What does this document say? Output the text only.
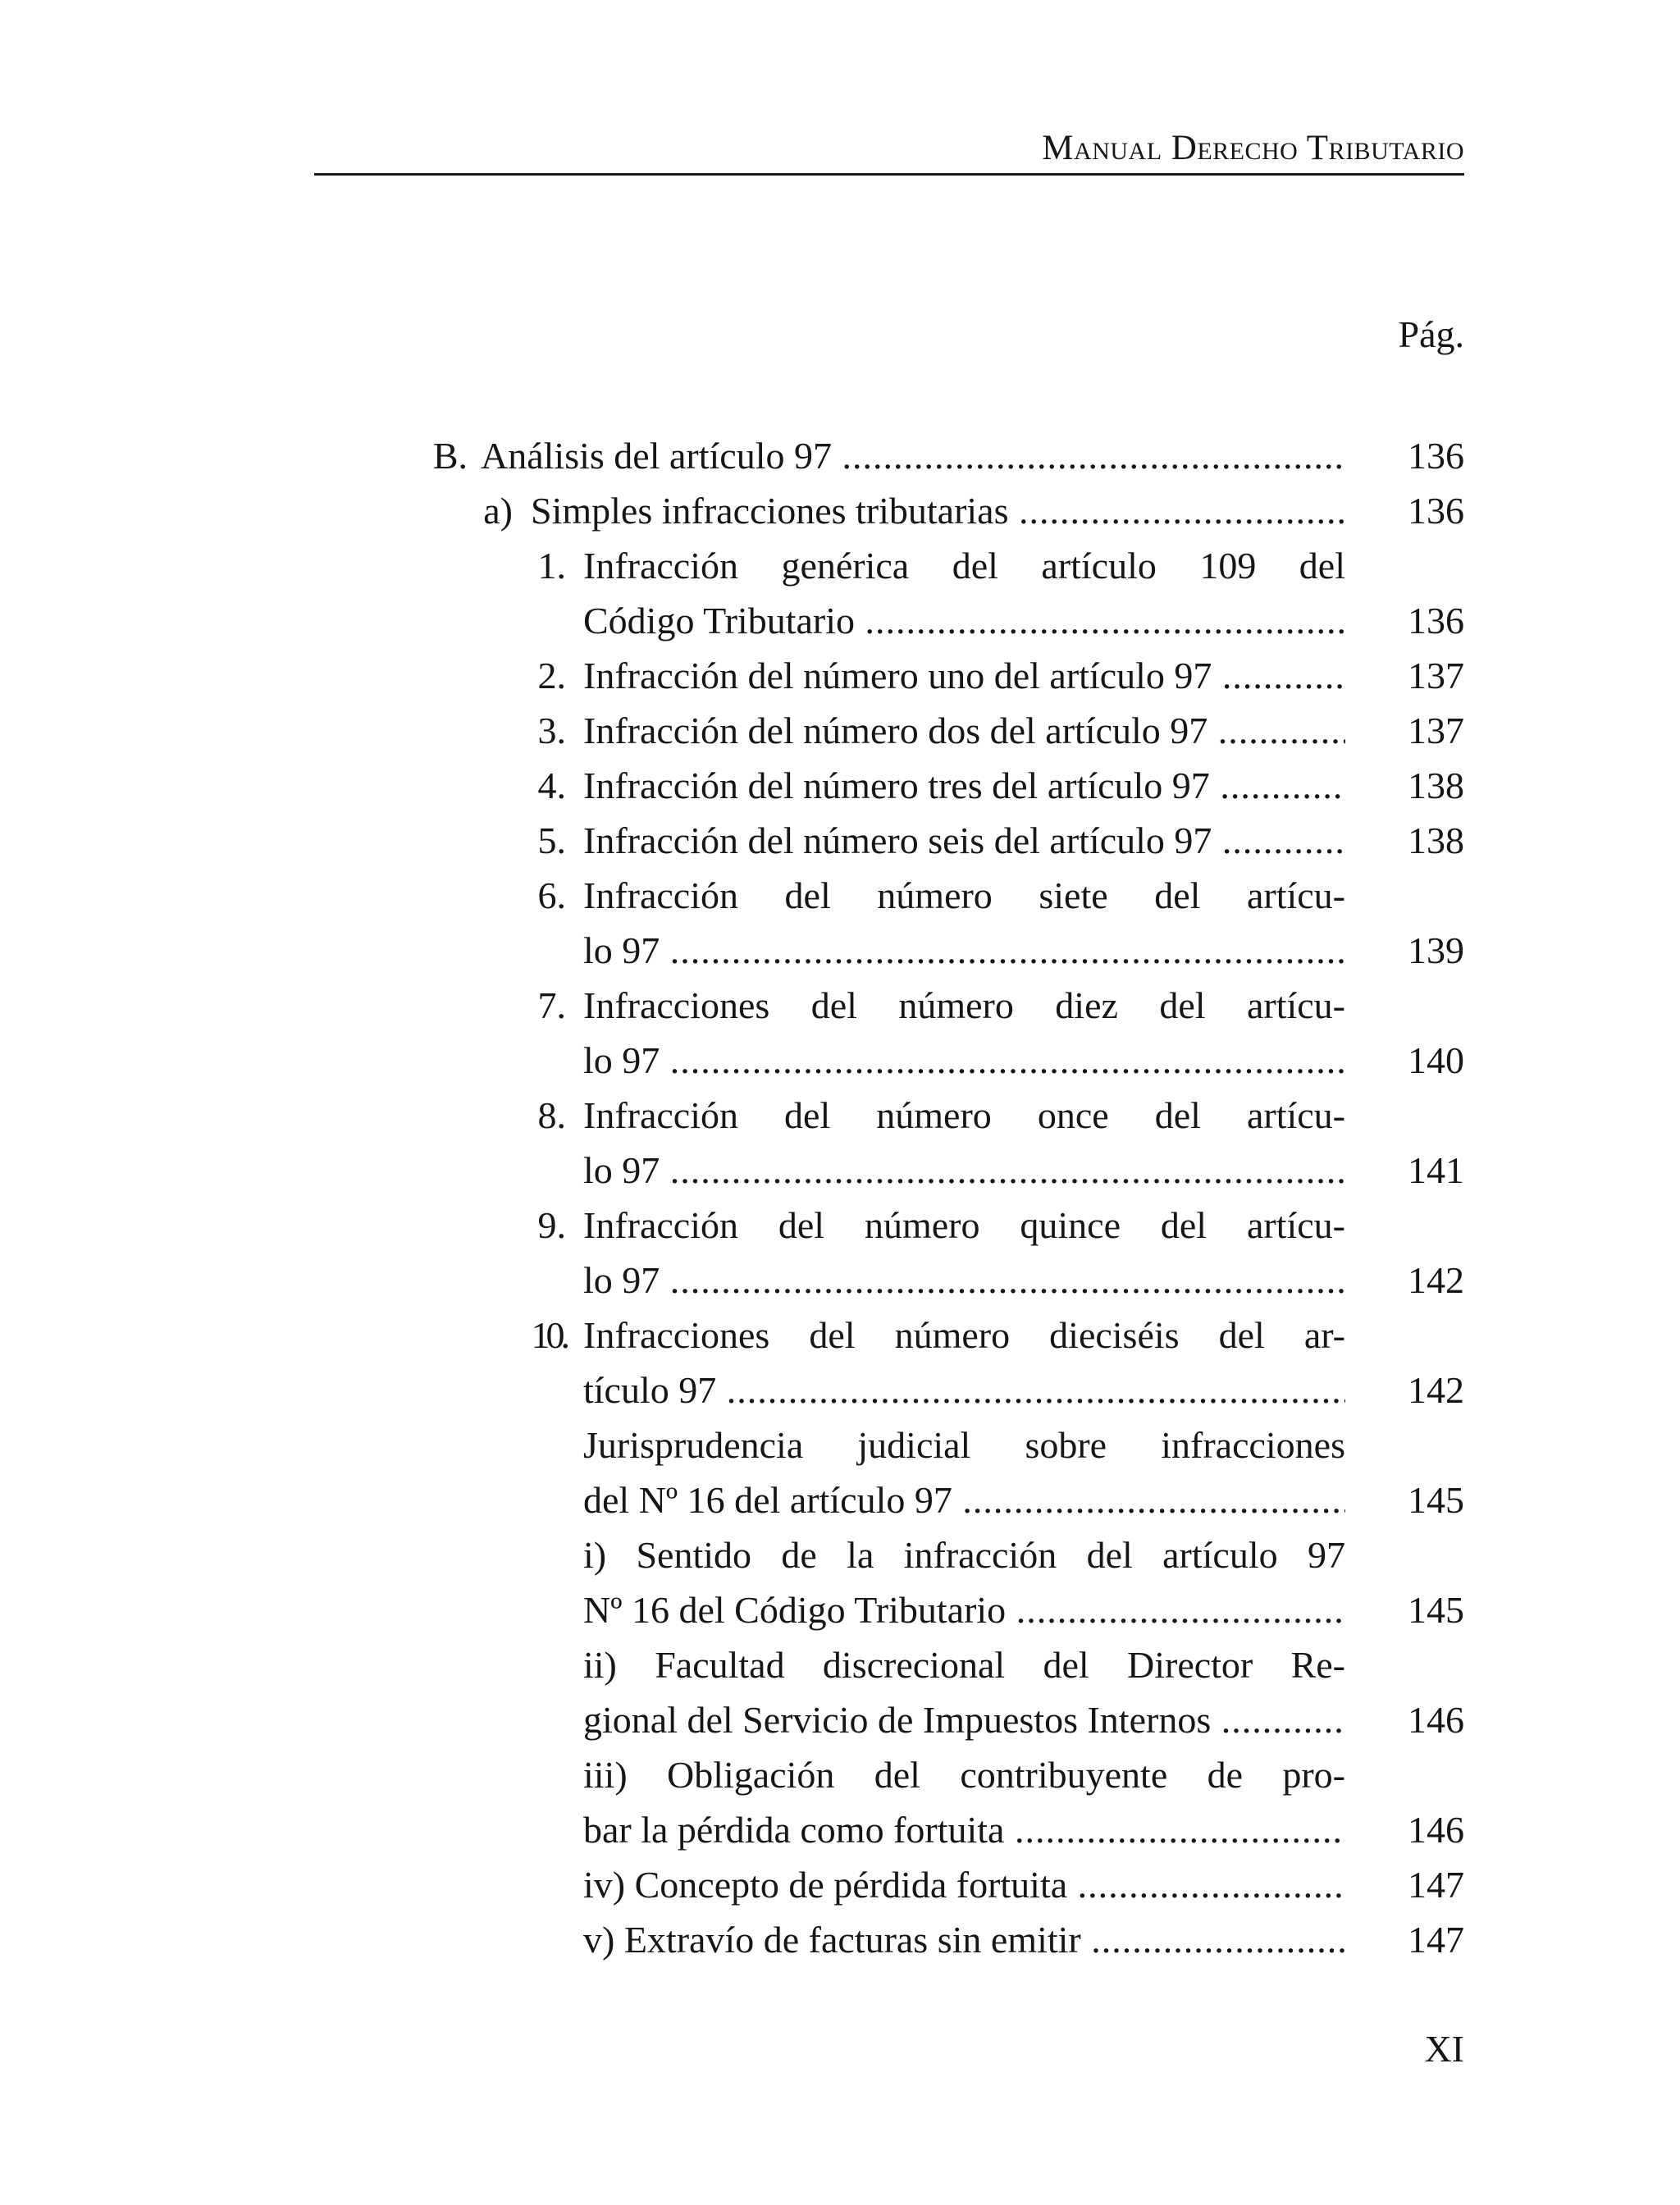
Manual Derecho Tributario
Pág.
B. Análisis del artículo 97 .....	136
a) Simples infracciones tributarias .....	136
1. Infracción genérica del artículo 109 del
Código Tributario .....	136
2. Infracción del número uno del artículo 97 .....	137
3. Infracción del número dos del artículo 97 .....	137
4. Infracción del número tres del artículo 97 .....	138
5. Infracción del número seis del artículo 97 .....	138
6. Infracción del número siete del artícu-
lo 97 .....	139
7. Infracciones del número diez del artícu-
lo 97 .....	140
8. Infracción del número once del artícu-
lo 97 .....	141
9. Infracción del número quince del artícu-
lo 97 .....	142
10. Infracciones del número dieciséis del ar-
tículo 97 .....	142
Jurisprudencia judicial sobre infracciones
del Nº 16 del artículo 97 .....	145
i) Sentido de la infracción del artículo 97
Nº 16 del Código Tributario .....	145
ii) Facultad discrecional del Director Re-
gional del Servicio de Impuestos Internos .....	146
iii) Obligación del contribuyente de pro-
bar la pérdida como fortuita .....	146
iv) Concepto de pérdida fortuita .....	147
v) Extravío de facturas sin emitir .....	147
XI
